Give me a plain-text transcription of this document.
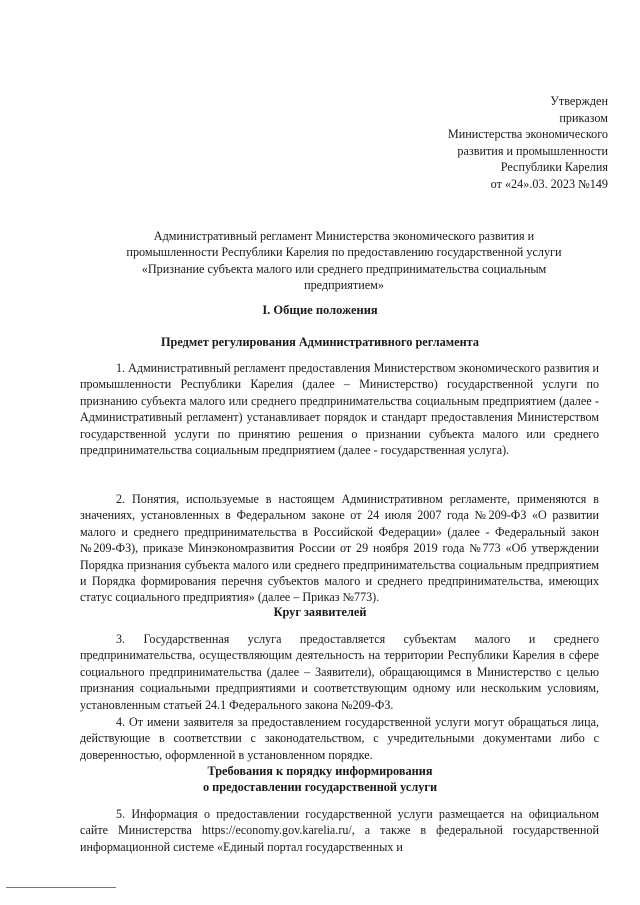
Утвержден
приказом
Министерства экономического
развития и промышленности
Республики Карелия
от «24».03. 2023 №149
Административный регламент Министерства экономического развития и промышленности Республики Карелия по предоставлению государственной услуги «Признание субъекта малого или среднего предпринимательства социальным предприятием»
I. Общие положения
Предмет регулирования Административного регламента
1. Административный регламент предоставления Министерством экономического развития и промышленности Республики Карелия (далее – Министерство) государственной услуги по признанию субъекта малого или среднего предпринимательства социальным предприятием (далее - Административный регламент) устанавливает порядок и стандарт предоставления Министерством государственной услуги по принятию решения о признании субъекта малого или среднего предпринимательства социальным предприятием (далее - государственная услуга).
2. Понятия, используемые в настоящем Административном регламенте, применяются в значениях, установленных в Федеральном законе от 24 июля 2007 года №209-ФЗ «О развитии малого и среднего предпринимательства в Российской Федерации» (далее - Федеральный закон №209-ФЗ), приказе Минэкономразвития России от 29 ноября 2019 года №773 «Об утверждении Порядка признания субъекта малого или среднего предпринимательства социальным предприятием и Порядка формирования перечня субъектов малого и среднего предпринимательства, имеющих статус социального предприятия» (далее – Приказ №773).
Круг заявителей
3. Государственная услуга предоставляется субъектам малого и среднего предпринимательства, осуществляющим деятельность на территории Республики Карелия в сфере социального предпринимательства (далее – Заявители), обращающимся в Министерство с целью признания социальными предприятиями и соответствующим одному или нескольким условиям, установленным статьей 24.1 Федерального закона №209-ФЗ.
4. От имени заявителя за предоставлением государственной услуги могут обращаться лица, действующие в соответствии с законодательством, с учредительными документами либо с доверенностью, оформленной в установленном порядке.
Требования к порядку информирования
о предоставлении государственной услуги
5. Информация о предоставлении государственной услуги размещается на официальном сайте Министерства https://economy.gov.karelia.ru/, а также в федеральной государственной информационной системе «Единый портал государственных и
